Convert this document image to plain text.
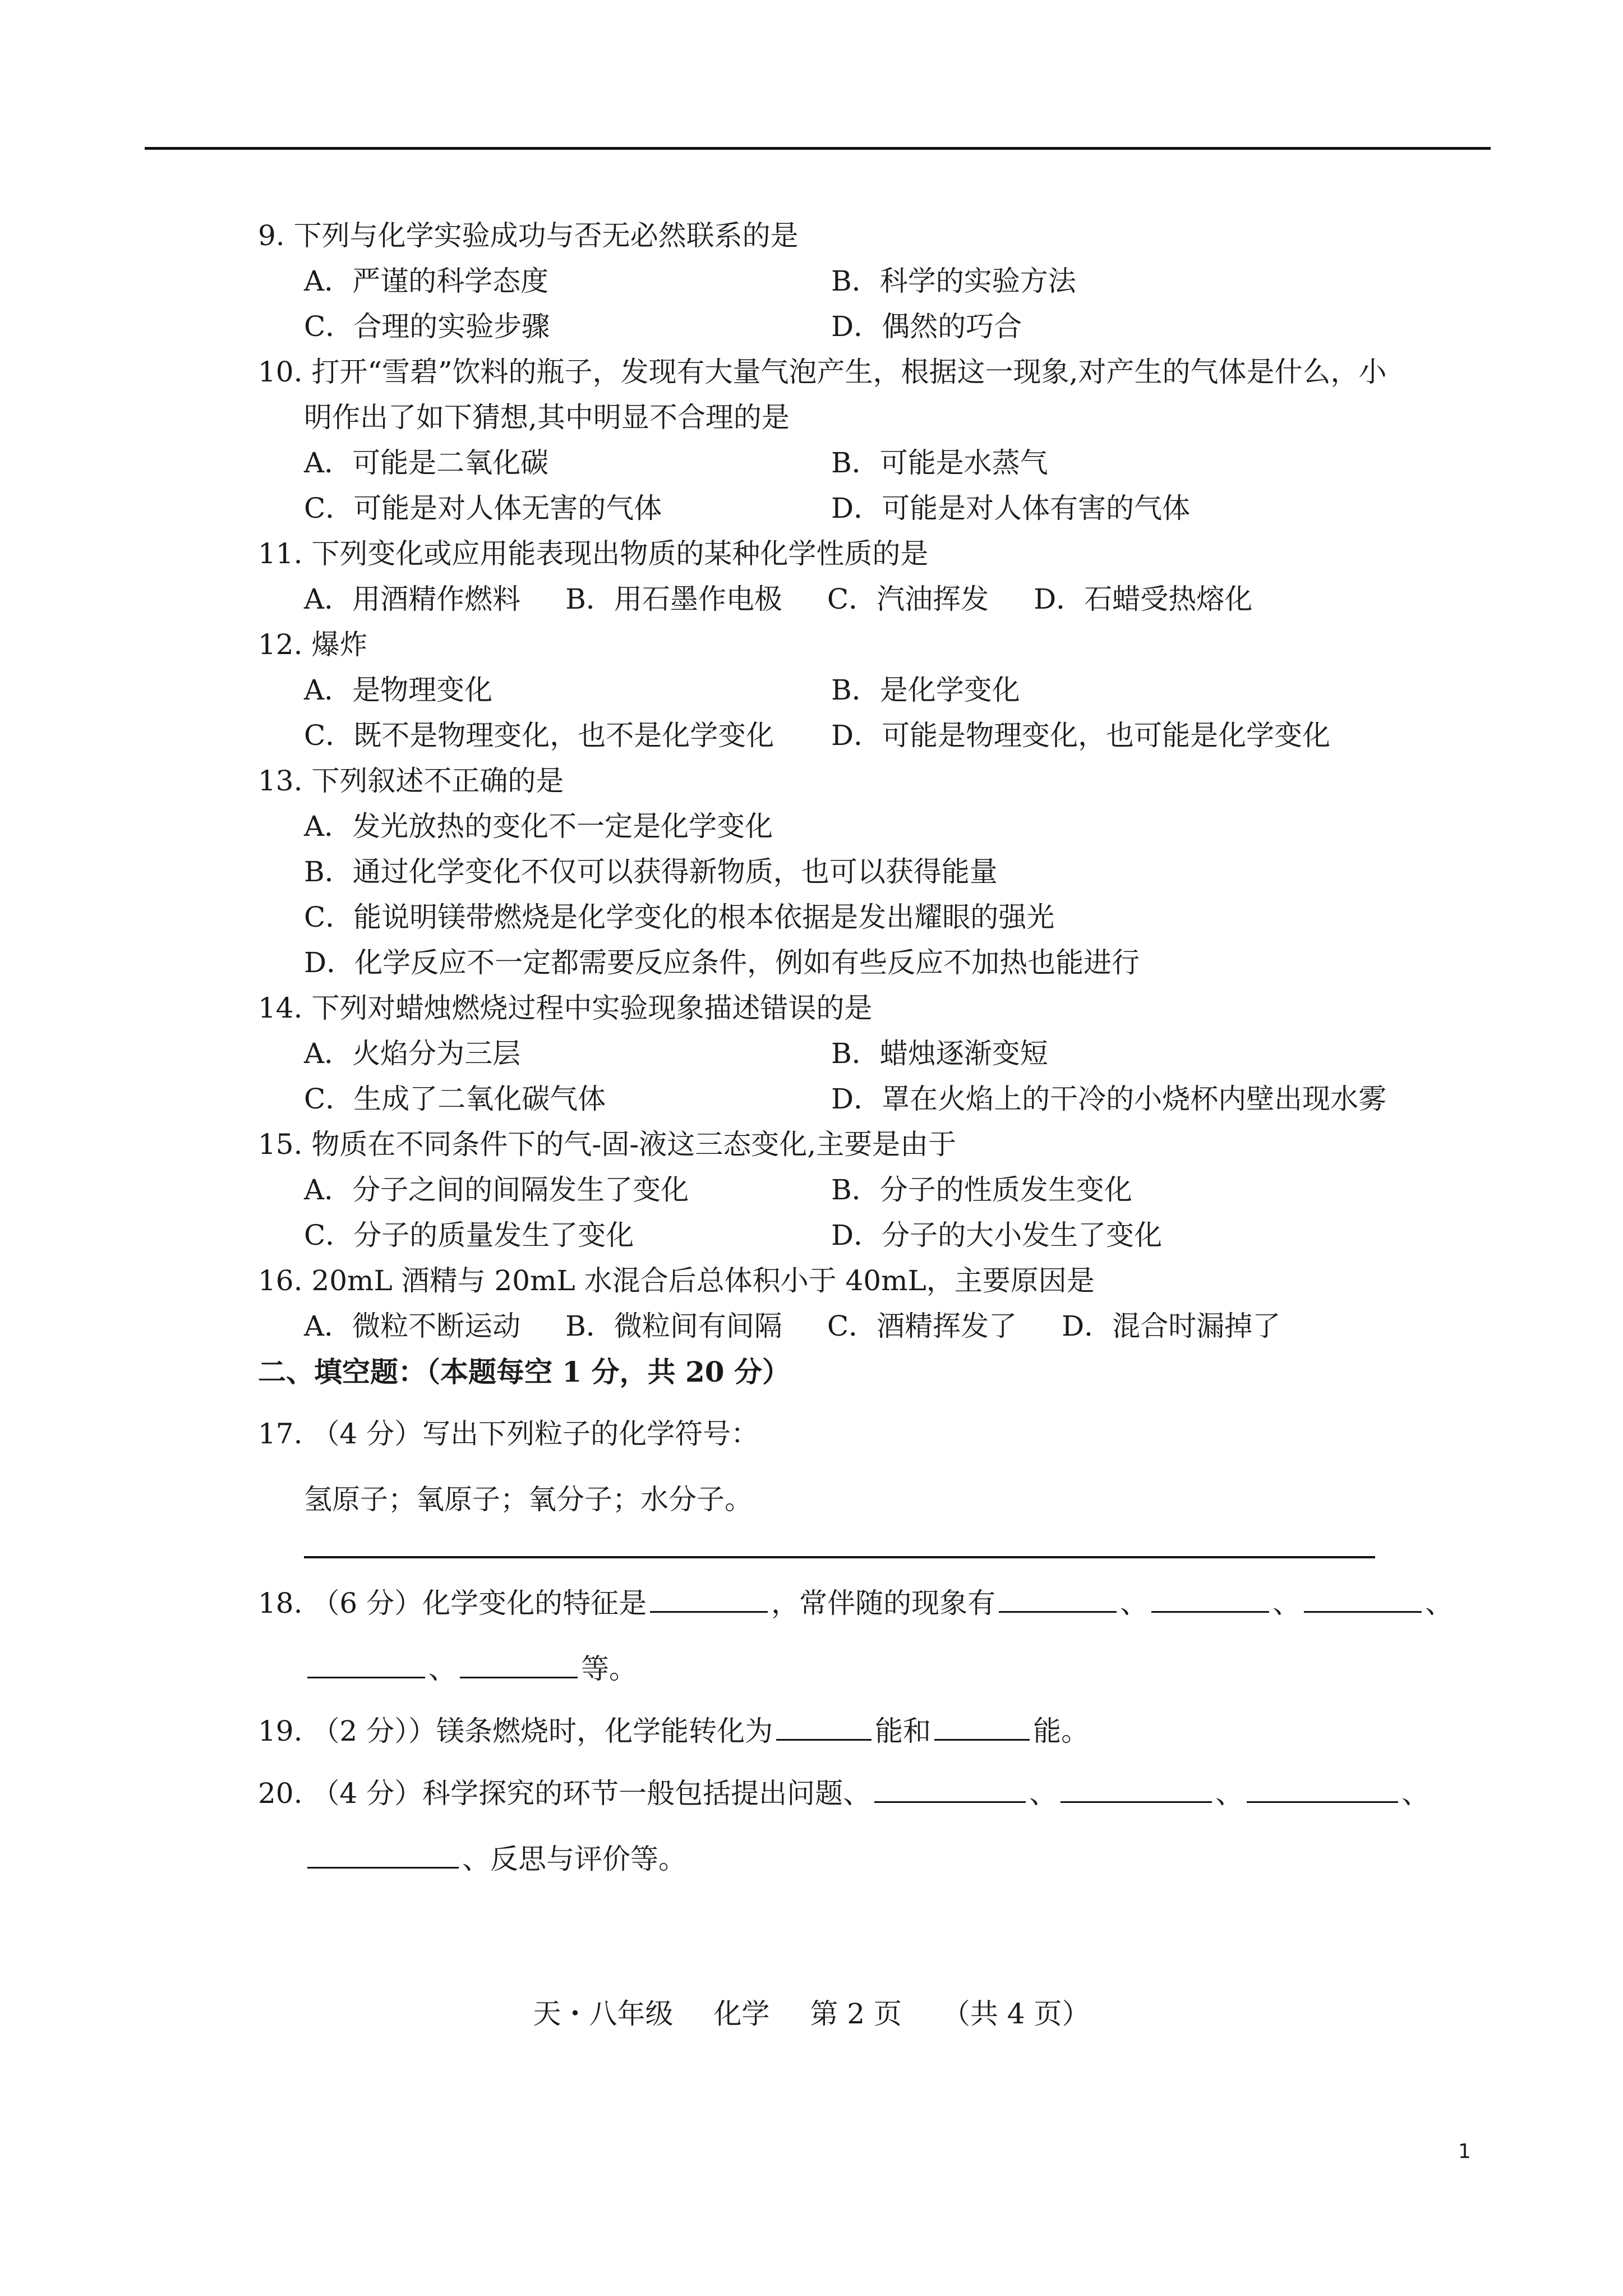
9. 下列与化学实验成功与否无必然联系的是
A．严谨的科学态度	B．科学的实验方法
C．合理的实验步骤	D．偶然的巧合
10. 打开“雪碧”饮料的瓶子，发现有大量气泡产生，根据这一现象,对产生的气体是什么，小
明作出了如下猜想,其中明显不合理的是
A．可能是二氧化碳	B．可能是水蒸气
C．可能是对人体无害的气体	D．可能是对人体有害的气体
11. 下列变化或应用能表现出物质的某种化学性质的是
A．用酒精作燃料 B．用石墨作电极 C．汽油挥发 D．石蜡受热熔化
12. 爆炸
A．是物理变化	B．是化学变化
C．既不是物理变化，也不是化学变化 D．可能是物理变化，也可能是化学变化
13. 下列叙述不正确的是
A．发光放热的变化不一定是化学变化
B．通过化学变化不仅可以获得新物质，也可以获得能量
C．能说明镁带燃烧是化学变化的根本依据是发出耀眼的强光
D．化学反应不一定都需要反应条件，例如有些反应不加热也能进行
14. 下列对蜡烛燃烧过程中实验现象描述错误的是
A．火焰分为三层	B．蜡烛逐渐变短
C．生成了二氧化碳气体	D．罩在火焰上的干冷的小烧杯内壁出现水雾
15. 物质在不同条件下的气-固-液这三态变化,主要是由于
A．分子之间的间隔发生了变化	B．分子的性质发生变化
C．分子的质量发生了变化	D．分子的大小发生了变化
16. 20mL 酒精与 20mL 水混合后总体积小于 40mL，主要原因是
A．微粒不断运动 B．微粒间有间隔 C．酒精挥发了 D．混合时漏掉了
二、填空题：（本题每空 1 分，共 20 分）
17. （4 分）写出下列粒子的化学符号：
氢原子；氧原子；氧分子；水分子。
18. （6 分）化学变化的特征是	，常伴随的现象有	、	、	、
、	等。
19. （2 分））镁条燃烧时，化学能转化为	能和	能。
20. （4 分）科学探究的环节一般包括提出问题、	、	、	、
、反思与评价等。
天・八年级 化学 第 2 页 （共 4 页）
1
